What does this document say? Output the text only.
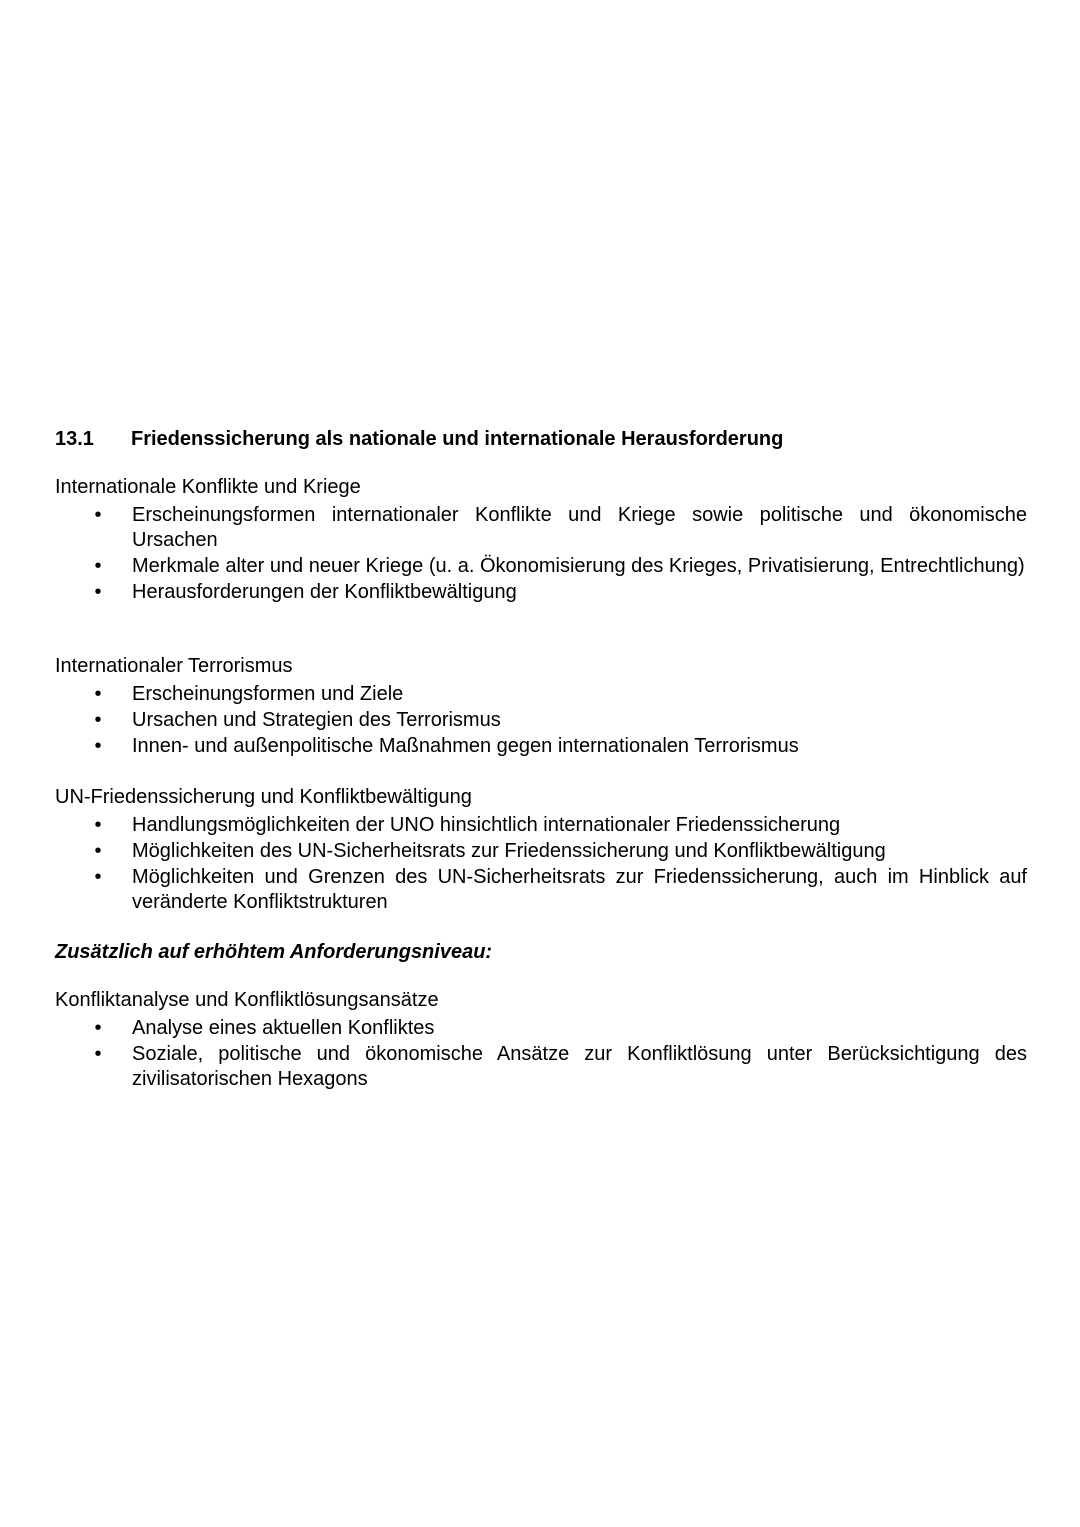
13.1 Friedenssicherung als nationale und internationale Herausforderung
Internationale Konflikte und Kriege
• Erscheinungsformen internationaler Konflikte und Kriege sowie politische und ökonomische Ursachen
• Merkmale alter und neuer Kriege (u. a. Ökonomisierung des Krieges, Privatisierung, Entrechtlichung)
• Herausforderungen der Konfliktbewältigung
Internationaler Terrorismus
• Erscheinungsformen und Ziele
• Ursachen und Strategien des Terrorismus
• Innen- und außenpolitische Maßnahmen gegen internationalen Terrorismus
UN-Friedenssicherung und Konfliktbewältigung
• Handlungsmöglichkeiten der UNO hinsichtlich internationaler Friedenssicherung
• Möglichkeiten des UN-Sicherheitsrats zur Friedenssicherung und Konfliktbewältigung
• Möglichkeiten und Grenzen des UN-Sicherheitsrats zur Friedenssicherung, auch im Hinblick auf veränderte Konfliktstrukturen
Zusätzlich auf erhöhtem Anforderungsniveau:
Konfliktanalyse und Konfliktlösungsansätze
• Analyse eines aktuellen Konfliktes
• Soziale, politische und ökonomische Ansätze zur Konfliktlösung unter Berücksichtigung des zivilisatorischen Hexagons
